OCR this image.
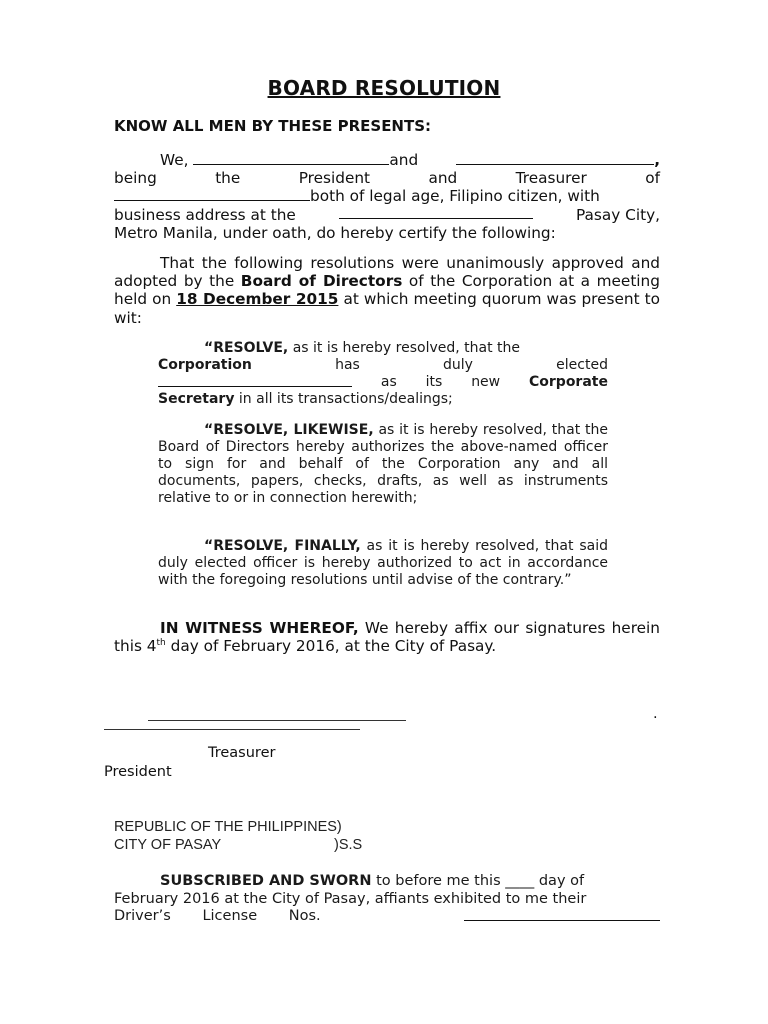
BOARD RESOLUTION
KNOW ALL MEN BY THESE PRESENTS:
We,	and	,
being	the	President	and	Treasurer	of
both of legal age, Filipino citizen, with
business address at the	Pasay City,
Metro Manila, under oath, do hereby certify the following:
That the following resolutions were unanimously approved and adopted by the Board of Directors of the Corporation at a meeting held on 18 December 2015 at which meeting quorum was present to wit:
“RESOLVE, as it is hereby resolved, that the
Corporation	has	duly	elected
as its new Corporate
Secretary in all its transactions/dealings;
“RESOLVE, LIKEWISE, as it is hereby resolved, that the Board of Directors hereby authorizes the above-named officer to sign for and behalf of the Corporation any and all documents, papers, checks, drafts, as well as instruments relative to or in connection herewith;
“RESOLVE, FINALLY, as it is hereby resolved, that said duly elected officer is hereby authorized to act in accordance with the foregoing resolutions until advise of the contrary.”
IN WITNESS WHEREOF, We hereby affix our signatures herein this 4th day of February 2016, at the City of Pasay.
.
Treasurer
President
REPUBLIC OF THE PHILIPPINES)
CITY OF PASAY	)S.S
SUBSCRIBED AND SWORN to before me this ____ day of
February 2016 at the City of Pasay, affiants exhibited to me their
Driver’s License Nos.
